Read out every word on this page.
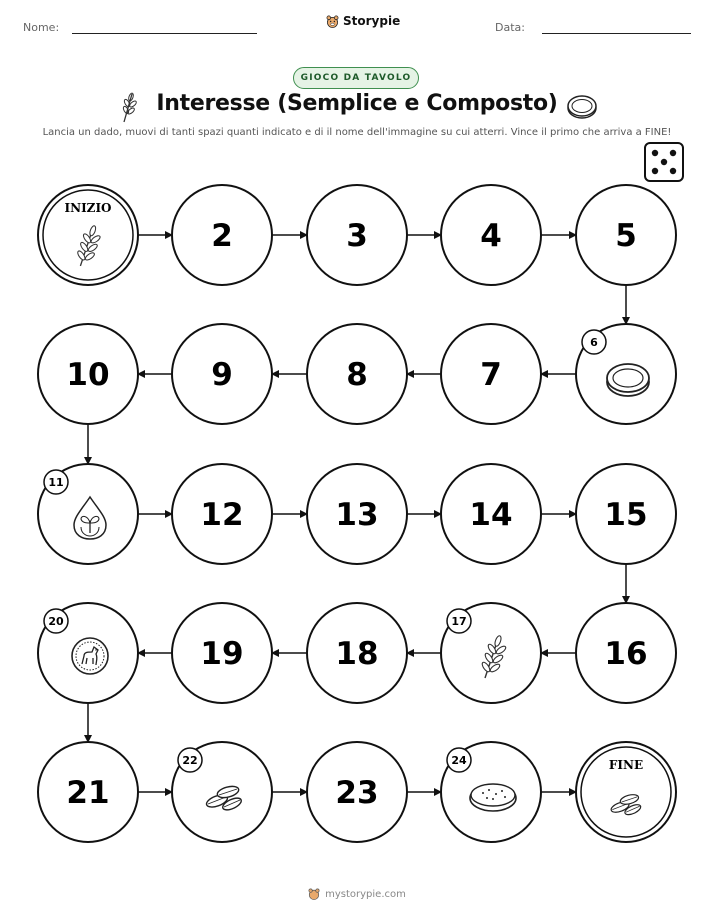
Nome:	Storypie	Data:
GIOCO DA TAVOLO
Interesse (Semplice e Composto)
Lancia un dado, muovi di tanti spazi quanti indicato e di il nome dell'immagine su cui atterri. Vince il primo che arriva a FINE!
INIZIO
2	3	4	5
6
7
8
9
10
11
12	13	14	15
16
17
18
19
20
21
22
23
24	FINE
mystorypie.com
